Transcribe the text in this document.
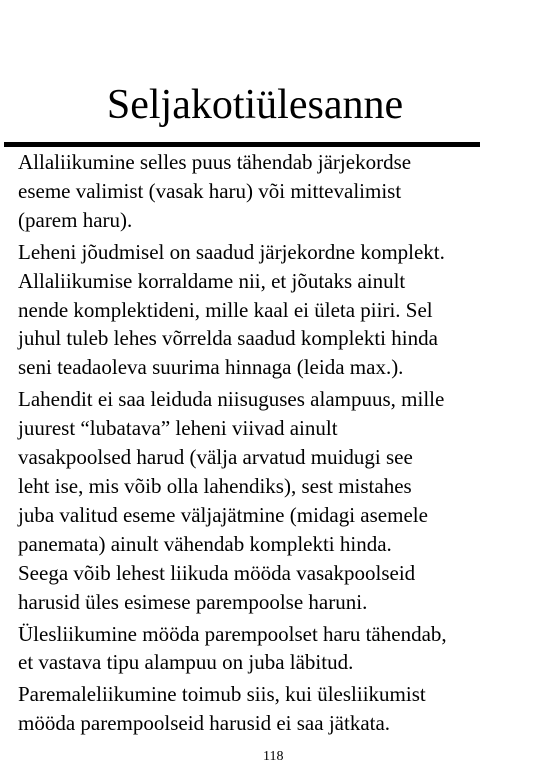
Seljakotiülesanne

Allaliikumine selles puus tähendab järjekordse
eseme valimist (vasak haru) või mittevalimist
(parem haru).

Leheni jõudmisel on saadud järjekordne komplekt.
Allaliikumise korraldame nii, et jõutaks ainult
nende komplektideni, mille kaal ei ületa piiri. Sel
juhul tuleb lehes võrrelda saadud komplekti hinda
seni teadaoleva suurima hinnaga (leida max.).

Lahendit ei saa leiduda niisuguses alampuus, mille
juurest “lubatava” leheni viivad ainult
vasakpoolsed harud (välja arvatud muidugi see
leht ise, mis võib olla lahendiks), sest mistahes
juba valitud eseme väljajätmine (midagi asemele
panemata) ainult vähendab komplekti hinda.
Seega võib lehest liikuda mööda vasakpoolseid
harusid üles esimese parempoolse haruni.

Ülesliikumine mööda parempoolset haru tähendab,
et vastava tipu alampuu on juba läbitud.

Paremaleliikumine toimub siis, kui ülesliikumist
mööda parempoolseid harusid ei saa jätkata.

118
